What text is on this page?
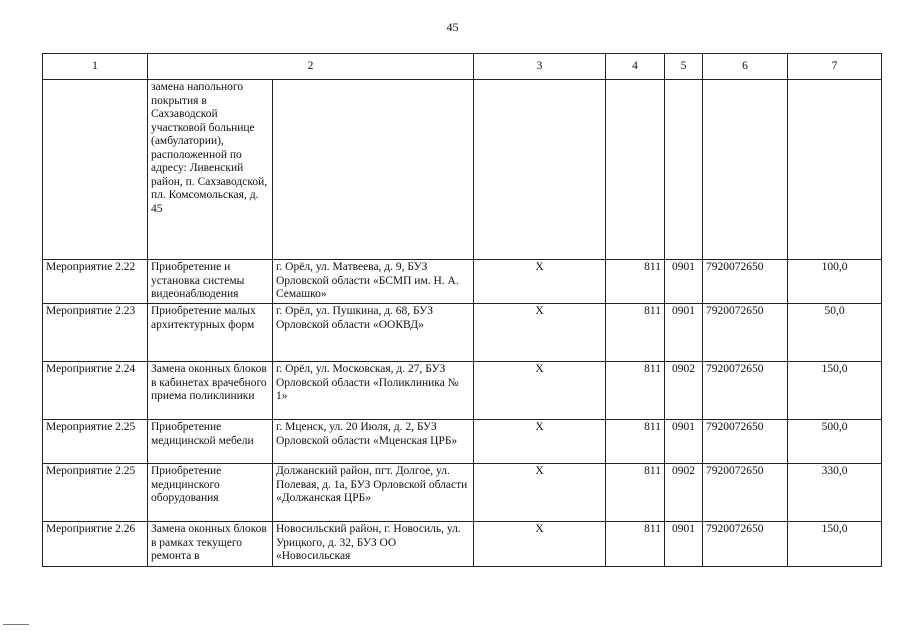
45
1	2		3	4	5	6	7
	замена напольного покрытия в Сахзаводской участковой больнице (амбулатории), расположенной по адресу: Ливенский район, п. Сахзаводской, пл. Комсомольская, д. 45						
Мероприятие 2.22	Приобретение и установка системы видеонаблюдения	г. Орёл, ул. Матвеева, д. 9, БУЗ Орловской области «БСМП им. Н. А. Семашко»	X	811	0901	7920072650	100,0
Мероприятие 2.23	Приобретение малых архитектурных форм	г. Орёл, ул. Пушкина, д. 68, БУЗ Орловской области «ООКВД»	X	811	0901	7920072650	50,0
Мероприятие 2.24	Замена оконных блоков в кабинетах врачебного приема поликлиники	г. Орёл, ул. Московская, д. 27, БУЗ Орловской области «Поликлиника № 1»	X	811	0902	7920072650	150,0
Мероприятие 2.25	Приобретение медицинской мебели	г. Мценск, ул. 20 Июля, д. 2, БУЗ Орловской области «Мценская ЦРБ»	X	811	0901	7920072650	500,0
Мероприятие 2.25	Приобретение медицинского оборудования	Должанский район, пгт. Долгое, ул. Полевая, д. 1а, БУЗ Орловской области «Должанская ЦРБ»	X	811	0902	7920072650	330,0
Мероприятие 2.26	Замена оконных блоков в рамках текущего ремонта в	Новосильский район, г. Новосиль, ул. Урицкого, д. 32, БУЗ ОО «Новосильская	X	811	0901	7920072650	150,0
